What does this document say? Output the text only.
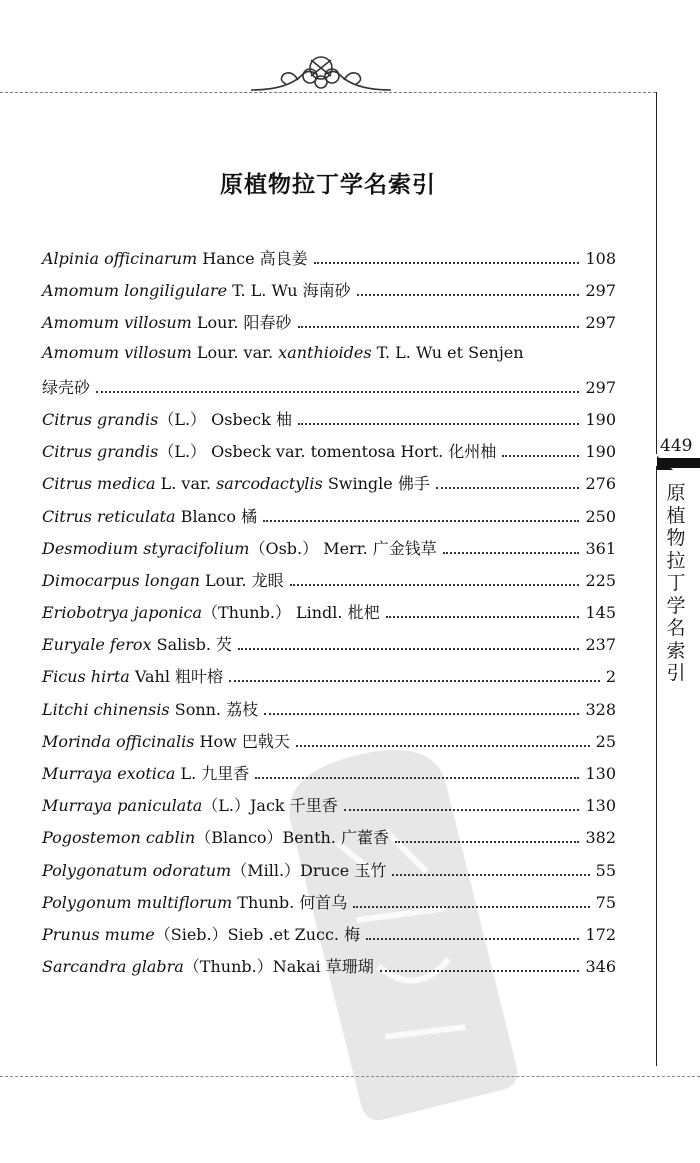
449
原植物拉丁学名索引
原植物拉丁学名索引
Alpinia officinarum Hance 高良姜	108
Amomum longiligulare T. L. Wu 海南砂	297
Amomum villosum Lour. 阳春砂	297
Amomum villosum Lour. var. xanthioides T. L. Wu et Senjen
绿壳砂	297
Citrus grandis（L.） Osbeck 柚	190
Citrus grandis（L.） Osbeck var. tomentosa Hort. 化州柚	190
Citrus medica L. var. sarcodactylis Swingle 佛手	276
Citrus reticulata Blanco 橘	250
Desmodium styracifolium（Osb.） Merr. 广金钱草	361
Dimocarpus longan Lour. 龙眼	225
Eriobotrya japonica（Thunb.） Lindl. 枇杷	145
Euryale ferox Salisb. 芡	237
Ficus hirta Vahl 粗叶榕	2
Litchi chinensis Sonn. 荔枝	328
Morinda officinalis How 巴戟天	25
Murraya exotica L. 九里香	130
Murraya paniculata（L.）Jack 千里香	130
Pogostemon cablin（Blanco）Benth. 广藿香	382
Polygonatum odoratum（Mill.）Druce 玉竹	55
Polygonum multiflorum Thunb. 何首乌	75
Prunus mume（Sieb.）Sieb .et Zucc. 梅	172
Sarcandra glabra（Thunb.）Nakai 草珊瑚	346
